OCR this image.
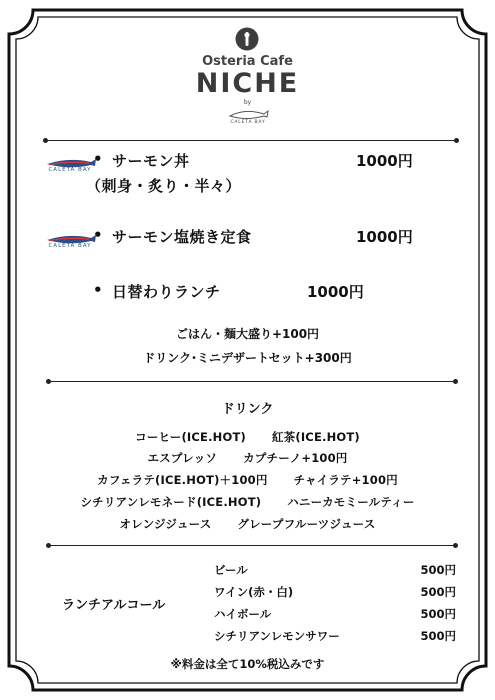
Osteria Cafe
NICHE
by
CALETA BAY
CALETA BAY
• サーモン丼	1000円
（刺身・炙り・半々）
CALETA BAY
• サーモン塩焼き定食	1000円
• 日替わりランチ	1000円
ごはん・麺大盛り+100円
ドリンク･ミニデザートセット+300円
ドリンク
コーヒー(ICE.HOT) 紅茶(ICE.HOT)
エスプレッソ カプチーノ+100円
カフェラテ(ICE.HOT)＋100円 チャイラテ+100円
シチリアンレモネード(ICE.HOT) ハニーカモミールティー
オレンジジュース グレープフルーツジュース
ランチアルコール
ビール	500円
ワイン(赤・白)	500円
ハイボール	500円
シチリアンレモンサワー	500円
※料金は全て10%税込みです
